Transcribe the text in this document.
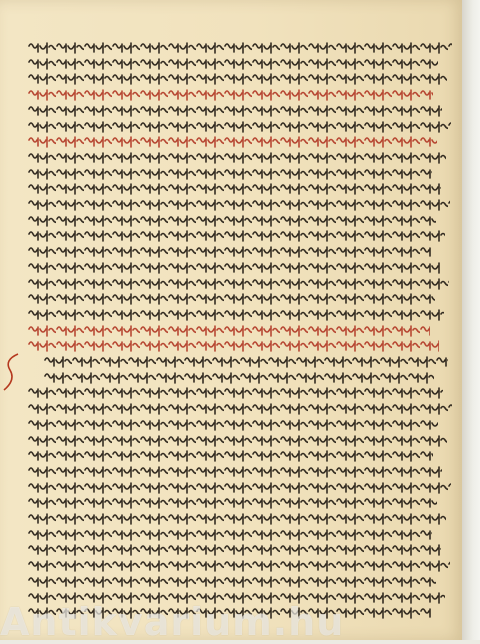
Antikvarium.hu
